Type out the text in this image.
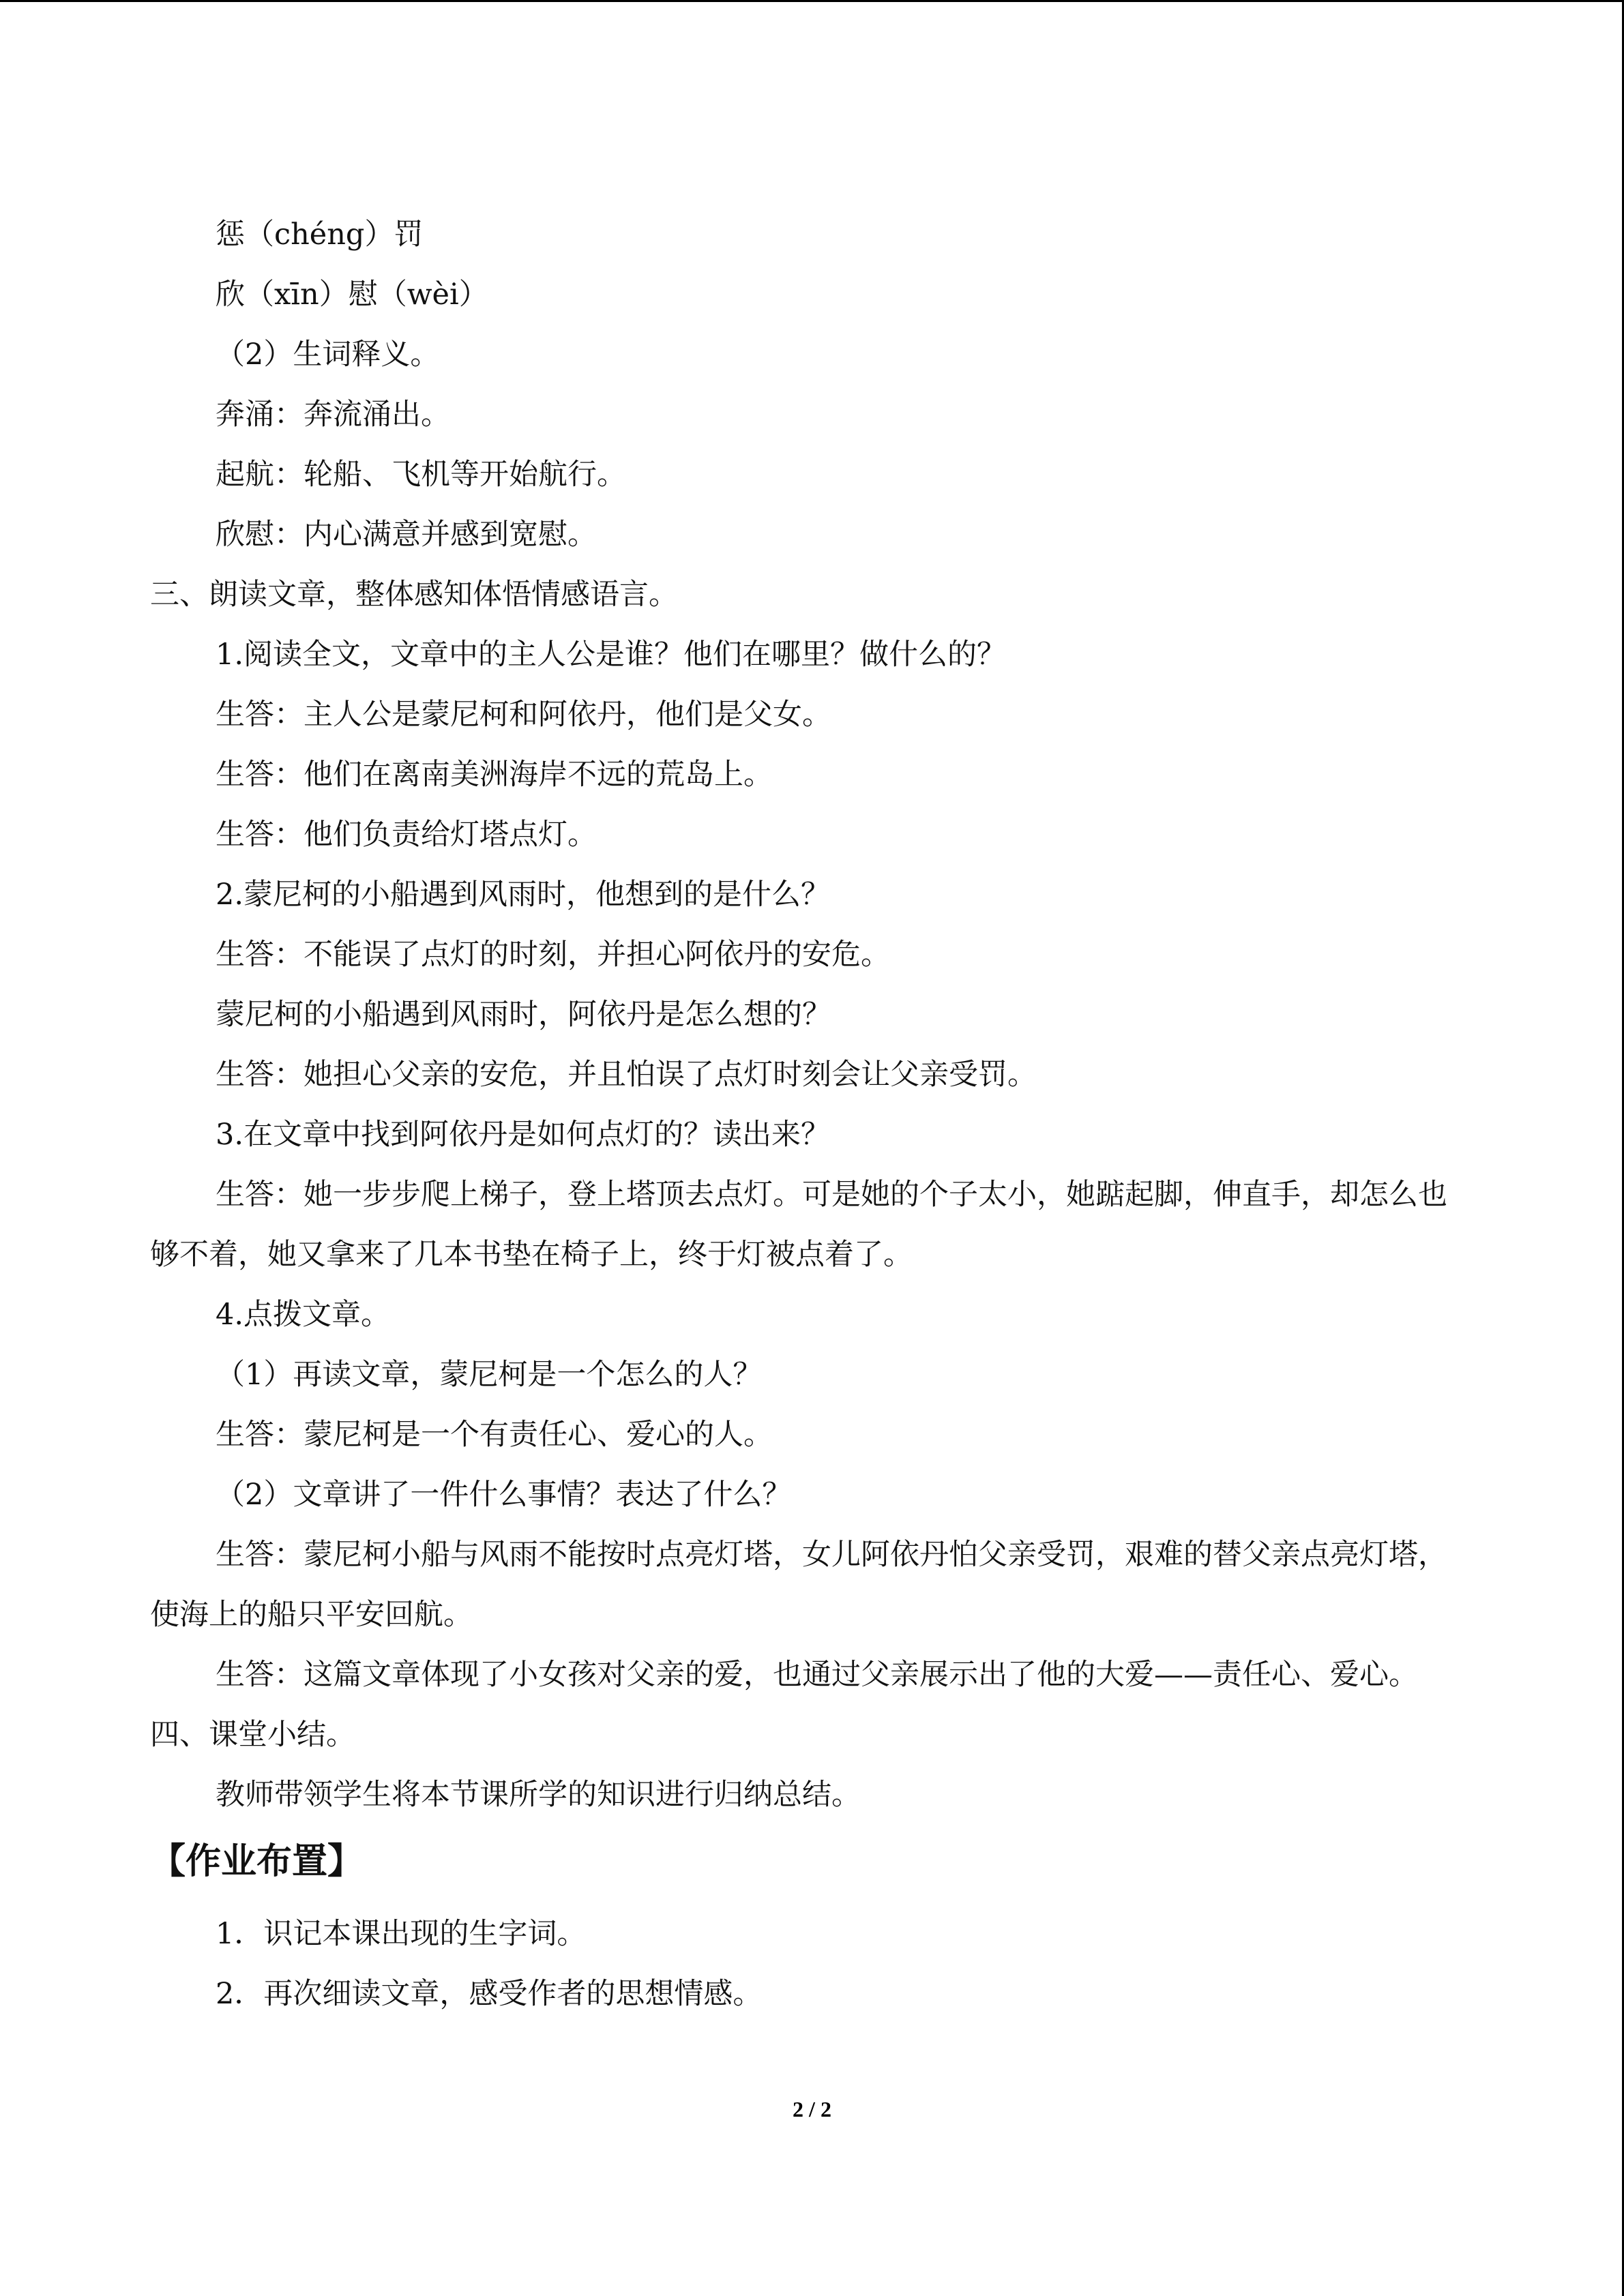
惩（chéng）罚

欣（xīn）慰（wèi）

（2）生词释义。

奔涌：奔流涌出。

起航：轮船、飞机等开始航行。

欣慰：内心满意并感到宽慰。

三、朗读文章，整体感知体悟情感语言。

1.阅读全文，文章中的主人公是谁？他们在哪里？做什么的？

生答：主人公是蒙尼柯和阿依丹，他们是父女。

生答：他们在离南美洲海岸不远的荒岛上。

生答：他们负责给灯塔点灯。

2.蒙尼柯的小船遇到风雨时，他想到的是什么？

生答：不能误了点灯的时刻，并担心阿依丹的安危。

蒙尼柯的小船遇到风雨时，阿依丹是怎么想的？

生答：她担心父亲的安危，并且怕误了点灯时刻会让父亲受罚。

3.在文章中找到阿依丹是如何点灯的？读出来？

生答：她一步步爬上梯子，登上塔顶去点灯。可是她的个子太小，她踮起脚，伸直手，却怎么也够不着，她又拿来了几本书垫在椅子上，终于灯被点着了。

4.点拨文章。

（1）再读文章，蒙尼柯是一个怎么的人？

生答：蒙尼柯是一个有责任心、爱心的人。

（2）文章讲了一件什么事情？表达了什么？

生答：蒙尼柯小船与风雨不能按时点亮灯塔，女儿阿依丹怕父亲受罚，艰难的替父亲点亮灯塔，使海上的船只平安回航。

生答：这篇文章体现了小女孩对父亲的爱，也通过父亲展示出了他的大爱——责任心、爱心。

四、课堂小结。

教师带领学生将本节课所学的知识进行归纳总结。

【作业布置】

1．识记本课出现的生字词。

2．再次细读文章，感受作者的思想情感。

2 / 2
